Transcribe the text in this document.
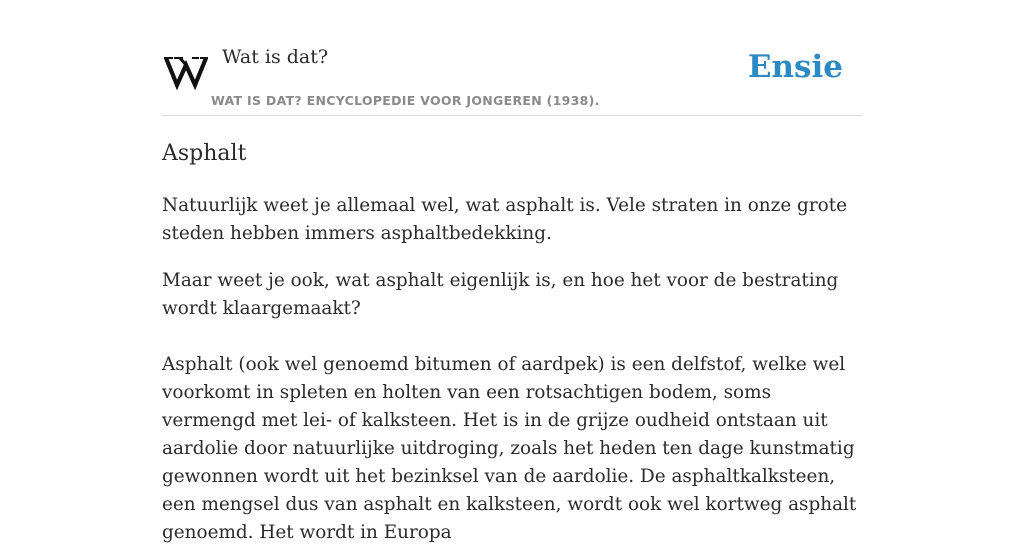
Wat is dat?
WAT IS DAT? ENCYCLOPEDIE VOOR JONGEREN (1938).
Ensie
Asphalt

Natuurlijk weet je allemaal wel, wat asphalt is. Vele straten in onze grote steden hebben immers asphaltbedekking.

Maar weet je ook, wat asphalt eigenlijk is, en hoe het voor de bestrating wordt klaargemaakt?

Asphalt (ook wel genoemd bitumen of aardpek) is een delfstof, welke wel voorkomt in spleten en holten van een rotsachtigen bodem, soms vermengd met lei- of kalksteen. Het is in de grijze oudheid ontstaan uit aardolie door natuurlijke uitdroging, zoals het heden ten dage kunstmatig gewonnen wordt uit het bezinksel van de aardolie. De asphaltkalksteen, een mengsel dus van asphalt en kalksteen, wordt ook wel kortweg asphalt genoemd. Het wordt in Europa
